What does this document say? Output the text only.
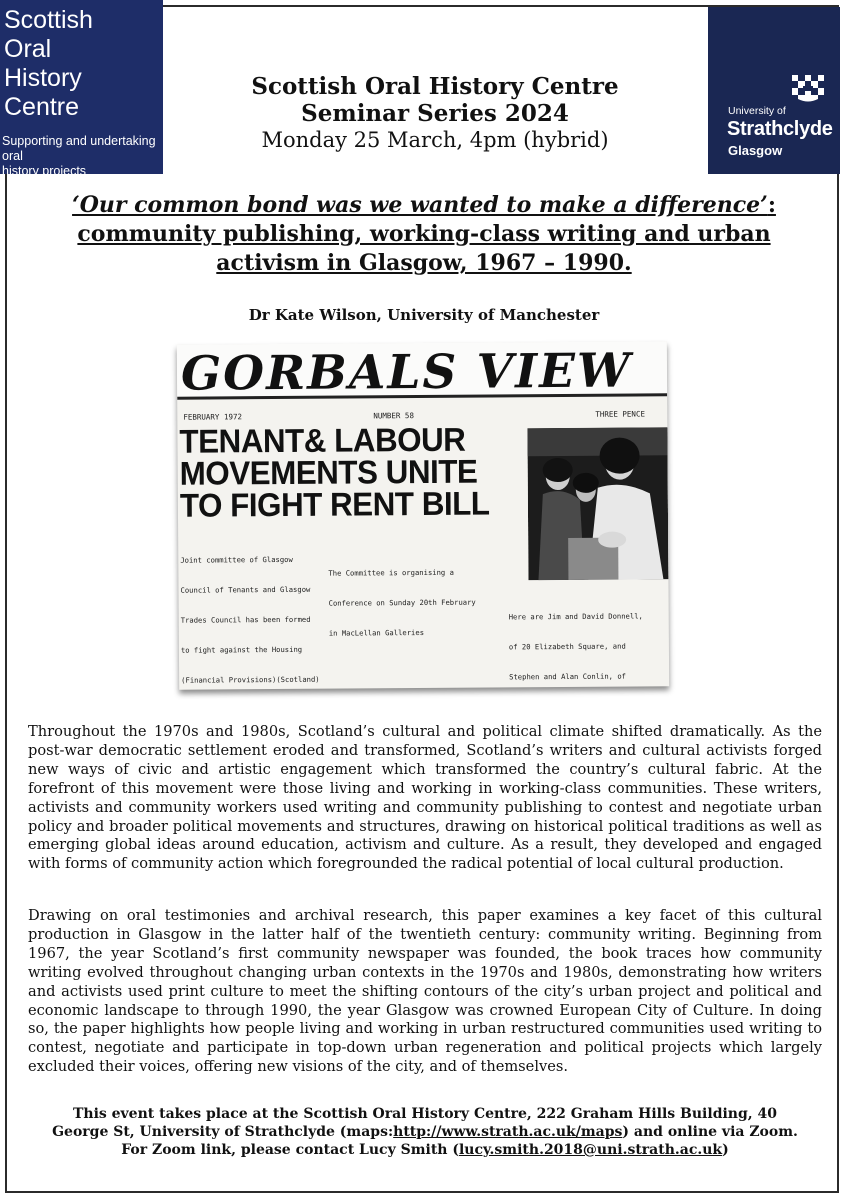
Scottish
Oral
History
Centre
Supporting and undertaking oral
history projects
Scottish Oral History Centre
Seminar Series 2024
Monday 25 March, 4pm (hybrid)
University of
Strathclyde
Glasgow
‘Our common bond was we wanted to make a difference’: community publishing, working-class writing and urban activism in Glasgow, 1967 – 1990.
Dr Kate Wilson, University of Manchester
GORBALS VIEW
FEBRUARY 1972	NUMBER 58	THREE PENCE
TENANT& LABOUR
MOVEMENTS UNITE
TO FIGHT RENT BILL

Joint committee of Glasgow

Council of Tenants and Glasgow

Trades Council has been formed

to fight against the Housing

(Financial Provisions)(Scotland)

The Committee is organising a

Conference on Sunday 20th February

in MacLellan Galleries

Here are Jim and David Donnell,

of 20 Elizabeth Square, and

Stephen and Alan Conlin, of

Throughout the 1970s and 1980s, Scotland’s cultural and political climate shifted dramatically. As the post-war democratic settlement eroded and transformed, Scotland’s writers and cultural activists forged new ways of civic and artistic engagement which transformed the country’s cultural fabric. At the forefront of this movement were those living and working in working-class communities. These writers, activists and community workers used writing and community publishing to contest and negotiate urban policy and broader political movements and structures, drawing on historical political traditions as well as emerging global ideas around education, activism and culture. As a result, they developed and engaged with forms of community action which foregrounded the radical potential of local cultural production.
Drawing on oral testimonies and archival research, this paper examines a key facet of this cultural production in Glasgow in the latter half of the twentieth century: community writing. Beginning from 1967, the year Scotland’s first community newspaper was founded, the book traces how community writing evolved throughout changing urban contexts in the 1970s and 1980s, demonstrating how writers and activists used print culture to meet the shifting contours of the city’s urban project and political and economic landscape to through 1990, the year Glasgow was crowned European City of Culture. In doing so, the paper highlights how people living and working in urban restructured communities used writing to contest, negotiate and participate in top-down urban regeneration and political projects which largely excluded their voices, offering new visions of the city, and of themselves.
This event takes place at the Scottish Oral History Centre, 222 Graham Hills Building, 40
George St, University of Strathclyde (maps:http://www.strath.ac.uk/maps) and online via Zoom.
For Zoom link, please contact Lucy Smith (lucy.smith.2018@uni.strath.ac.uk)
